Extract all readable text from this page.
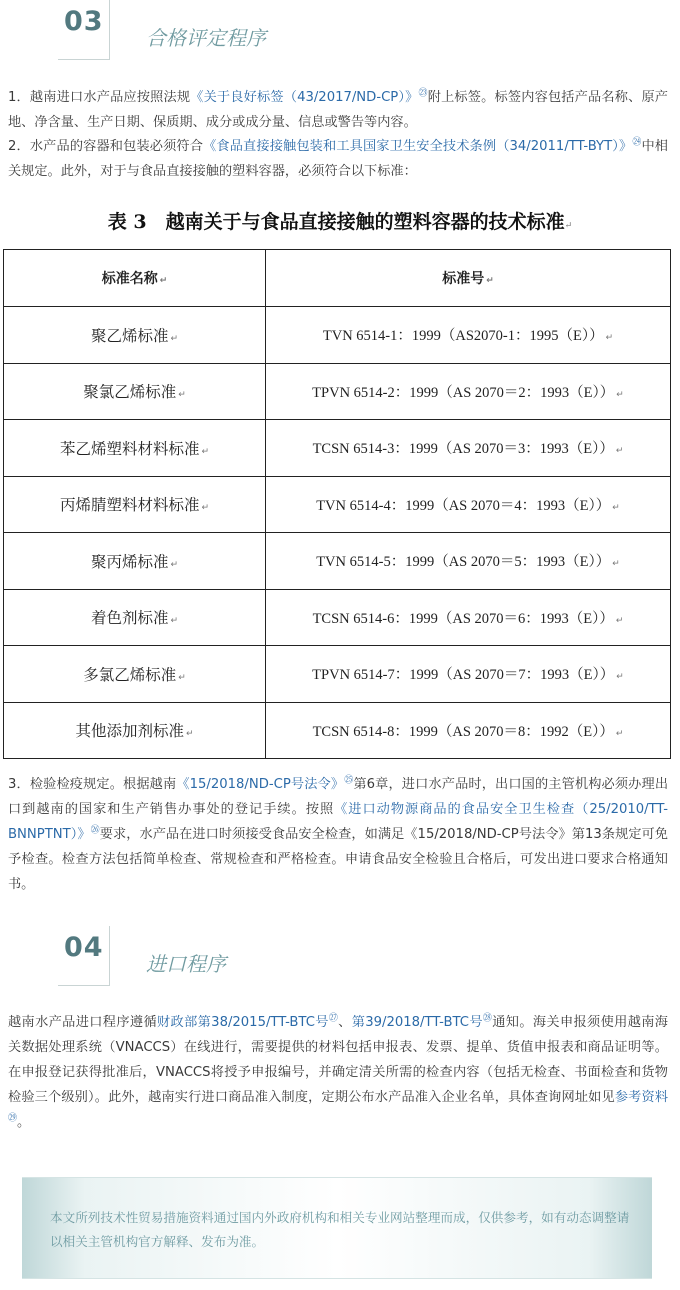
03
合格评定程序
1．越南进口水产品应按照法规《关于良好标签（43/2017/ND-CP）》$^㉓$附上标签。标签内容包括产品名称、原产地、净含量、生产日期、保质期、成分或成分量、信息或警告等内容。
2．水产品的容器和包装必须符合《食品直接接触包装和工具国家卫生安全技术条例（34/2011/TT-BYT）》$^㉔$中相关规定。此外，对于与食品直接接触的塑料容器，必须符合以下标准：
表 3　越南关于与食品直接接触的塑料容器的技术标准↵
标准名称 ↵	标准号 ↵
聚乙烯标准 ↵	TVN 6514-1：1999（AS2070-1：1995（E）） ↵
聚氯乙烯标准 ↵	TPVN 6514-2：1999（AS 2070＝2：1993（E）） ↵
苯乙烯塑料材料标准 ↵	TCSN 6514-3：1999（AS 2070＝3：1993（E）） ↵
丙烯腈塑料材料标准 ↵	TVN 6514-4：1999（AS 2070＝4：1993（E）） ↵
聚丙烯标准 ↵	TVN 6514-5：1999（AS 2070＝5：1993（E）） ↵
着色剂标准 ↵	TCSN 6514-6：1999（AS 2070＝6：1993（E）） ↵
多氯乙烯标准 ↵	TPVN 6514-7：1999（AS 2070＝7：1993（E）） ↵
其他添加剂标准 ↵	TCSN 6514-8：1999（AS 2070＝8：1992（E）） ↵
3．检验检疫规定。根据越南《15/2018/ND-CP号法令》$^㉕$第6章，进口水产品时，出口国的主管机构必须办理出口到越南的国家和生产销售办事处的登记手续。按照《进口动物源商品的食品安全卫生检查（25/2010/TT-BNNPTNT）》$^㉖$要求，水产品在进口时须接受食品安全检查，如满足《15/2018/ND-CP号法令》第13条规定可免予检查。检查方法包括简单检查、常规检查和严格检查。申请食品安全检验且合格后，可发出进口要求合格通知书。
04
进口程序
越南水产品进口程序遵循财政部第38/2015/TT-BTC号$^㉗$、第39/2018/TT-BTC号$^㉘$通知。海关申报须使用越南海关数据处理系统（VNACCS）在线进行，需要提供的材料包括申报表、发票、提单、货值申报表和商品证明等。在申报登记获得批准后，VNACCS将授予申报编号，并确定清关所需的检查内容（包括无检查、书面检查和货物检验三个级别）。此外，越南实行进口商品准入制度，定期公布水产品准入企业名单，具体查询网址如见参考资料$^㉙$。
本文所列技术性贸易措施资料通过国内外政府机构和相关专业网站整理而成，仅供参考，如有动态调整请以相关主管机构官方解释、发布为准。
